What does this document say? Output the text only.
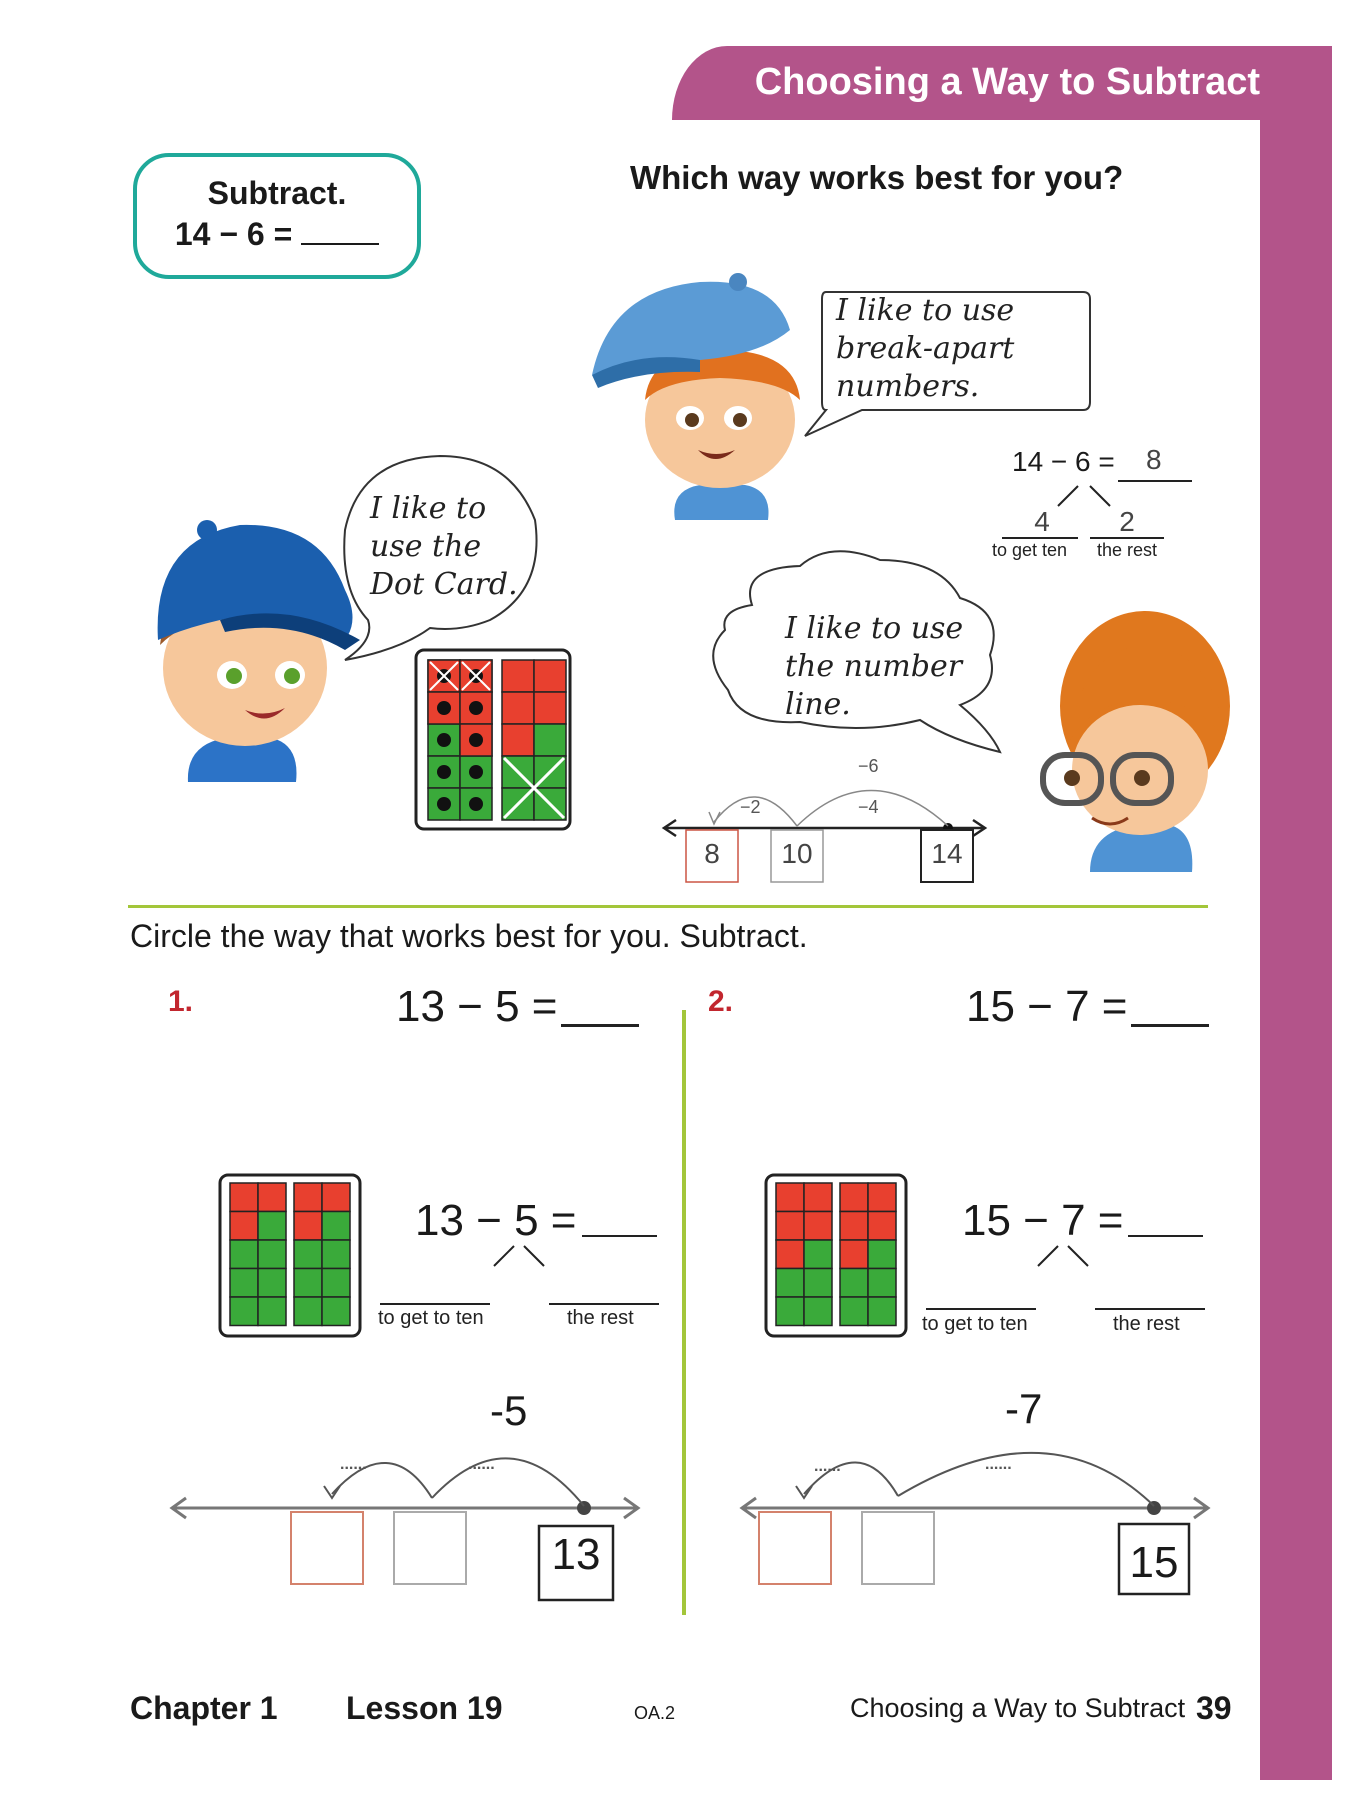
Choosing a Way to Subtract
Subtract.
14 − 6 =
Which way works best for you?
I like to use
break-apart
numbers.
I like to
use the
Dot Card.
I like to use
the number
line.
14 − 6 = 8
4 2
to get ten the rest
−6
−2	−4
8	10	14
Circle the way that works best for you. Subtract.
1.	13 − 5 =
13 − 5 =
to get to ten	the rest
-5
......	......
13
2.	15 − 7 =
15 − 7 =
to get to ten	the rest
-7
......	......
15
Chapter 1 Lesson 19	OA.2	Choosing a Way to Subtract 39
